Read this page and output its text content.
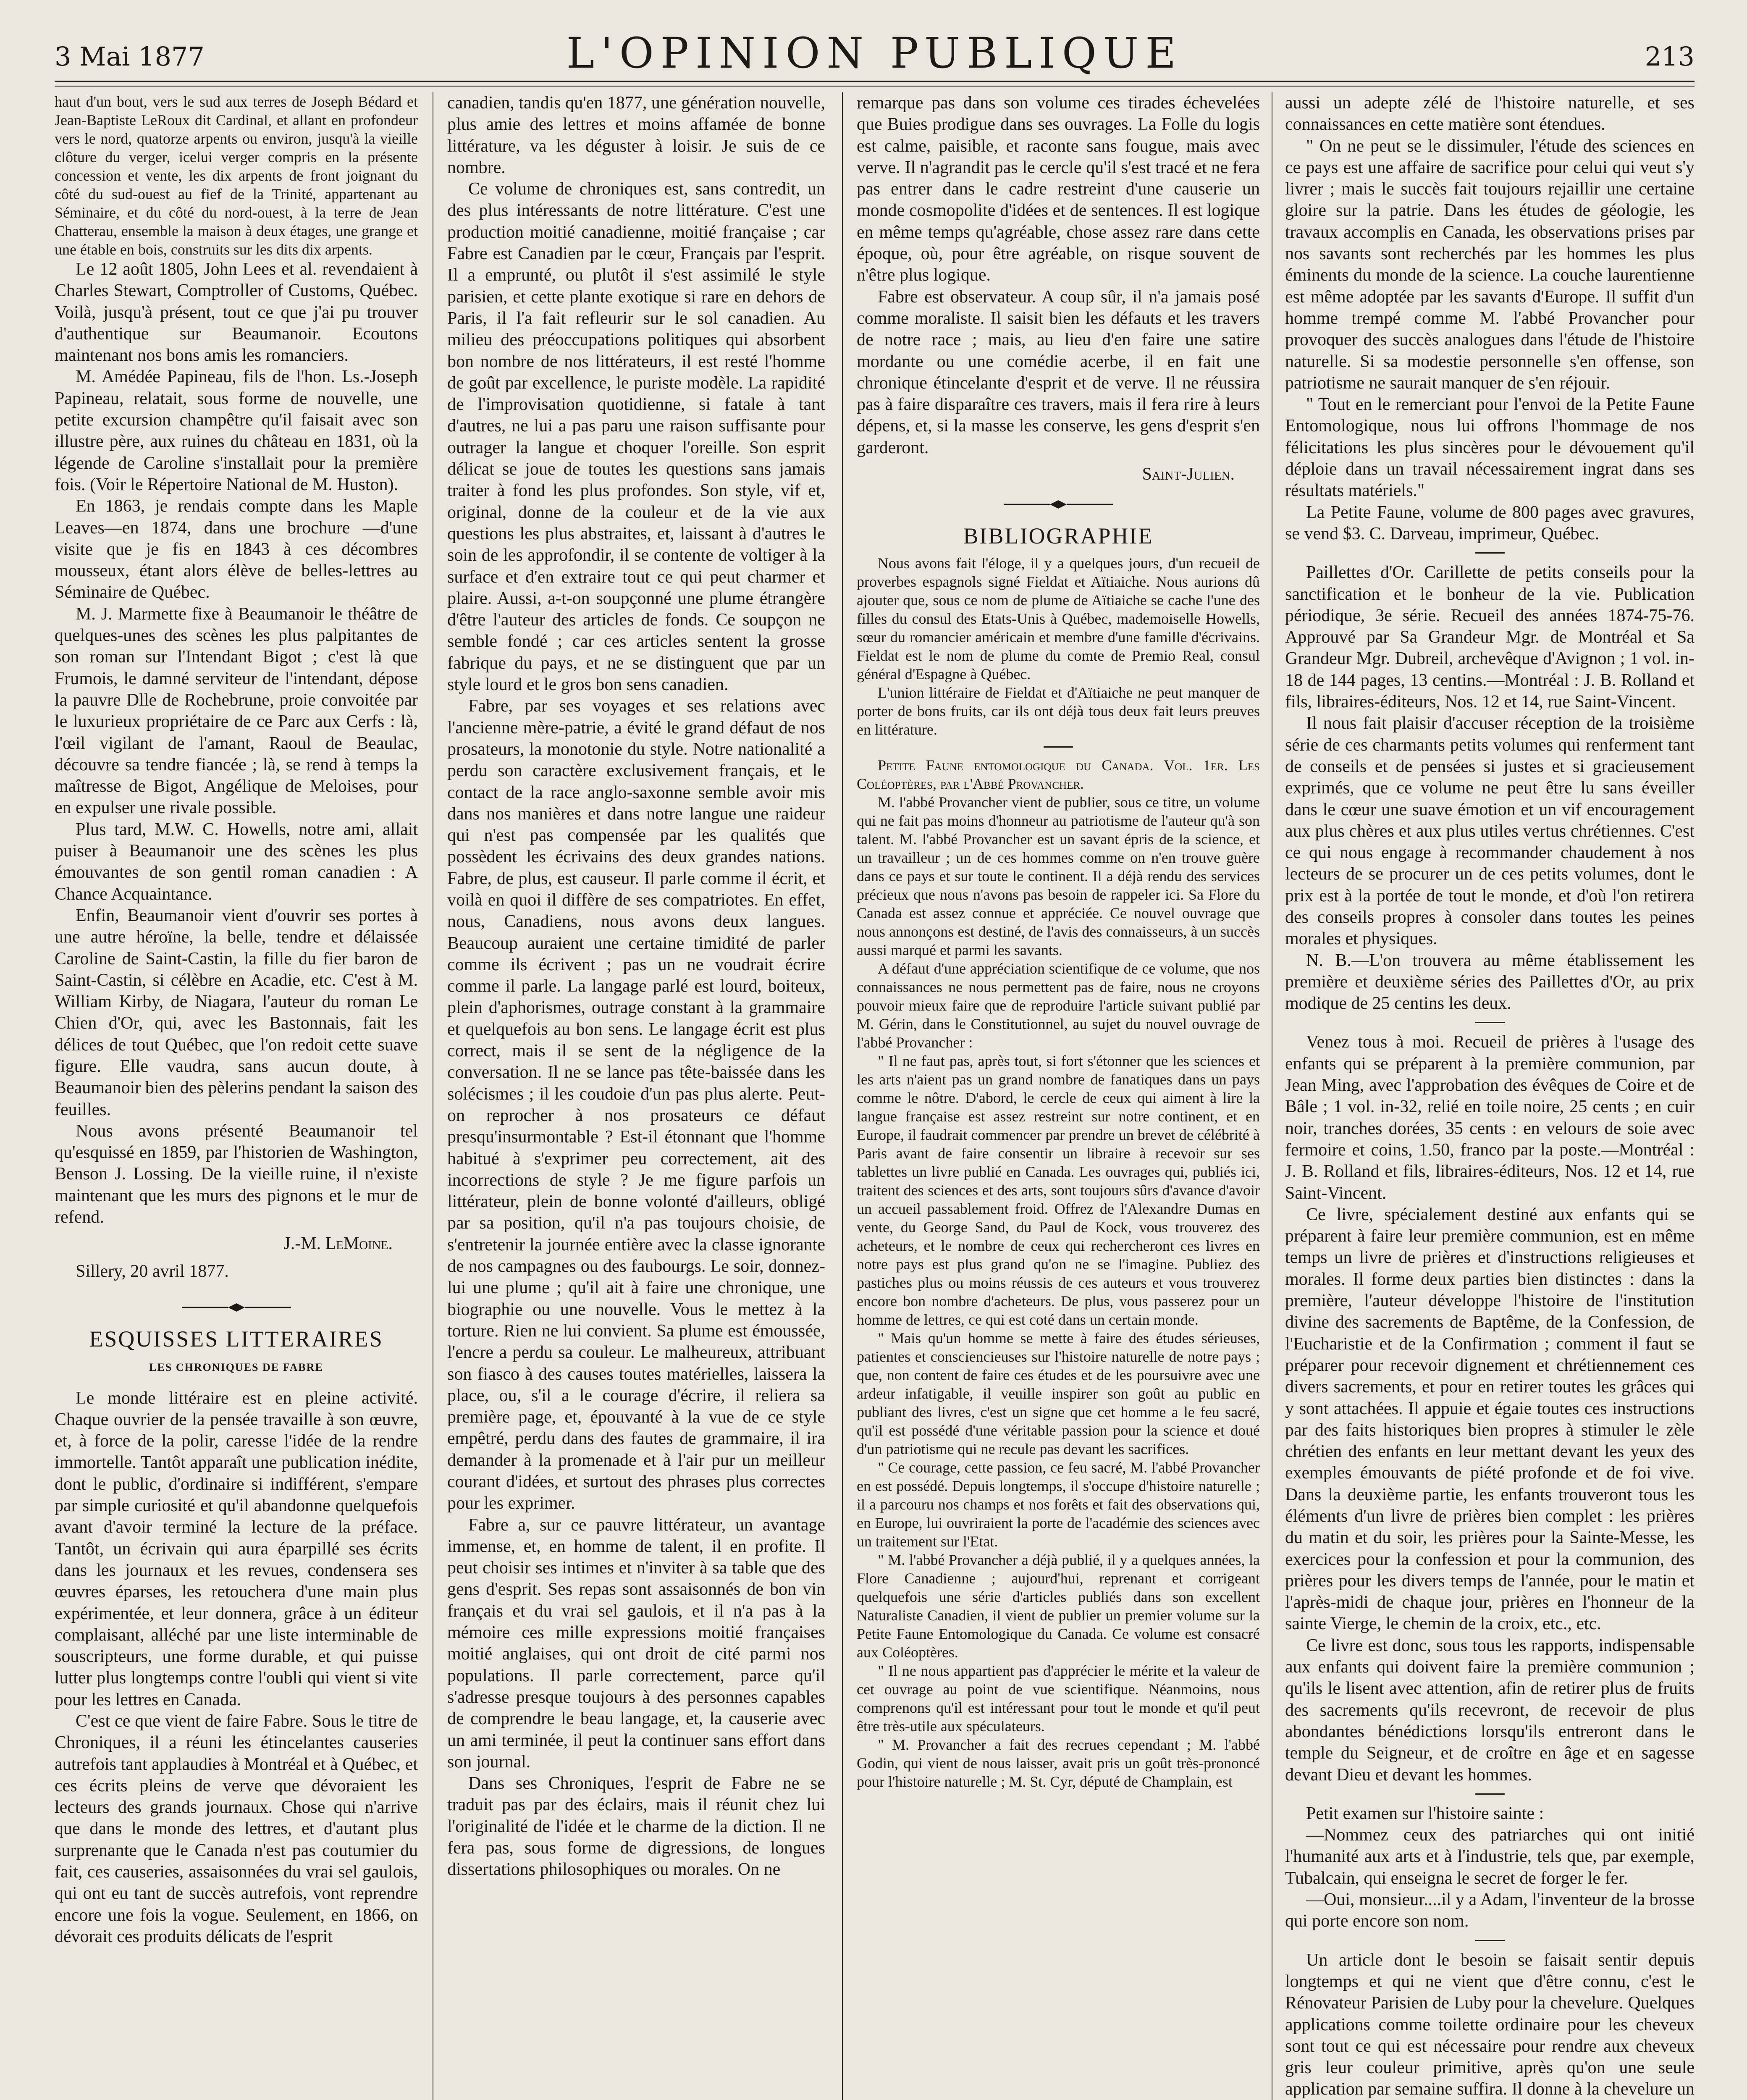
3 Mai 1877	L'OPINION PUBLIQUE	213

haut d'un bout, vers le sud aux terres de Joseph Bédard et Jean-Baptiste LeRoux dit Cardinal, et allant en profondeur vers le nord, quatorze arpents ou environ, jusqu'à la vieille clôture du verger, icelui verger compris en la présente concession et vente, les dix arpents de front joignant du côté du sud-ouest au fief de la Trinité, appartenant au Séminaire, et du côté du nord-ouest, à la terre de Jean Chatterau, ensemble la maison à deux étages, une grange et une étable en bois, construits sur les dits dix arpents.

Le 12 août 1805, John Lees et al. revendaient à Charles Stewart, Comptroller of Customs, Québec. Voilà, jusqu'à présent, tout ce que j'ai pu trouver d'authentique sur Beaumanoir. Ecoutons maintenant nos bons amis les romanciers.

M. Amédée Papineau, fils de l'hon. Ls.-Joseph Papineau, relatait, sous forme de nouvelle, une petite excursion champêtre qu'il faisait avec son illustre père, aux ruines du château en 1831, où la légende de Caroline s'installait pour la première fois. (Voir le Répertoire National de M. Huston).

En 1863, je rendais compte dans les Maple Leaves—en 1874, dans une brochure —d'une visite que je fis en 1843 à ces décombres mousseux, étant alors élève de belles-lettres au Séminaire de Québec.

M. J. Marmette fixe à Beaumanoir le théâtre de quelques-unes des scènes les plus palpitantes de son roman sur l'Intendant Bigot ; c'est là que Frumois, le damné serviteur de l'intendant, dépose la pauvre Dlle de Rochebrune, proie convoitée par le luxurieux propriétaire de ce Parc aux Cerfs : là, l'œil vigilant de l'amant, Raoul de Beaulac, découvre sa tendre fiancée ; là, se rend à temps la maîtresse de Bigot, Angélique de Meloises, pour en expulser une rivale possible.

Plus tard, M.W. C. Howells, notre ami, allait puiser à Beaumanoir une des scènes les plus émouvantes de son gentil roman canadien : A Chance Acquaintance.

Enfin, Beaumanoir vient d'ouvrir ses portes à une autre héroïne, la belle, tendre et délaissée Caroline de Saint-Castin, la fille du fier baron de Saint-Castin, si célèbre en Acadie, etc. C'est à M. William Kirby, de Niagara, l'auteur du roman Le Chien d'Or, qui, avec les Bastonnais, fait les délices de tout Québec, que l'on redoit cette suave figure. Elle vaudra, sans aucun doute, à Beaumanoir bien des pèlerins pendant la saison des feuilles.

Nous avons présenté Beaumanoir tel qu'esquissé en 1859, par l'historien de Washington, Benson J. Lossing. De la vieille ruine, il n'existe maintenant que les murs des pignons et le mur de refend.

J.-M. LeMoine.

Sillery, 20 avril 1877.

ESQUISSES LITTERAIRES
LES CHRONIQUES DE FABRE

Le monde littéraire est en pleine activité. Chaque ouvrier de la pensée travaille à son œuvre, et, à force de la polir, caresse l'idée de la rendre immortelle. Tantôt apparaît une publication inédite, dont le public, d'ordinaire si indifférent, s'empare par simple curiosité et qu'il abandonne quelquefois avant d'avoir terminé la lecture de la préface. Tantôt, un écrivain qui aura éparpillé ses écrits dans les journaux et les revues, condensera ses œuvres éparses, les retouchera d'une main plus expérimentée, et leur donnera, grâce à un éditeur complaisant, alléché par une liste interminable de souscripteurs, une forme durable, et qui puisse lutter plus longtemps contre l'oubli qui vient si vite pour les lettres en Canada.

C'est ce que vient de faire Fabre. Sous le titre de Chroniques, il a réuni les étincelantes causeries autrefois tant applaudies à Montréal et à Québec, et ces écrits pleins de verve que dévoraient les lecteurs des grands journaux. Chose qui n'arrive que dans le monde des lettres, et d'autant plus surprenante que le Canada n'est pas coutumier du fait, ces causeries, assaisonnées du vrai sel gaulois, qui ont eu tant de succès autrefois, vont reprendre encore une fois la vogue. Seulement, en 1866, on dévorait ces produits délicats de l'esprit

canadien, tandis qu'en 1877, une génération nouvelle, plus amie des lettres et moins affamée de bonne littérature, va les déguster à loisir. Je suis de ce nombre.

Ce volume de chroniques est, sans contredit, un des plus intéressants de notre littérature. C'est une production moitié canadienne, moitié française ; car Fabre est Canadien par le cœur, Français par l'esprit. Il a emprunté, ou plutôt il s'est assimilé le style parisien, et cette plante exotique si rare en dehors de Paris, il l'a fait refleurir sur le sol canadien. Au milieu des préoccupations politiques qui absorbent bon nombre de nos littérateurs, il est resté l'homme de goût par excellence, le puriste modèle. La rapidité de l'improvisation quotidienne, si fatale à tant d'autres, ne lui a pas paru une raison suffisante pour outrager la langue et choquer l'oreille. Son esprit délicat se joue de toutes les questions sans jamais traiter à fond les plus profondes. Son style, vif et, original, donne de la couleur et de la vie aux questions les plus abstraites, et, laissant à d'autres le soin de les approfondir, il se contente de voltiger à la surface et d'en extraire tout ce qui peut charmer et plaire. Aussi, a-t-on soupçonné une plume étrangère d'être l'auteur des articles de fonds. Ce soupçon ne semble fondé ; car ces articles sentent la grosse fabrique du pays, et ne se distinguent que par un style lourd et le gros bon sens canadien.

Fabre, par ses voyages et ses relations avec l'ancienne mère-patrie, a évité le grand défaut de nos prosateurs, la monotonie du style. Notre nationalité a perdu son caractère exclusivement français, et le contact de la race anglo-saxonne semble avoir mis dans nos manières et dans notre langue une raideur qui n'est pas compensée par les qualités que possèdent les écrivains des deux grandes nations. Fabre, de plus, est causeur. Il parle comme il écrit, et voilà en quoi il diffère de ses compatriotes. En effet, nous, Canadiens, nous avons deux langues. Beaucoup auraient une certaine timidité de parler comme ils écrivent ; pas un ne voudrait écrire comme il parle. La langage parlé est lourd, boiteux, plein d'aphorismes, outrage constant à la grammaire et quelquefois au bon sens. Le langage écrit est plus correct, mais il se sent de la négligence de la conversation. Il ne se lance pas tête-baissée dans les solécismes ; il les coudoie d'un pas plus alerte. Peut-on reprocher à nos prosateurs ce défaut presqu'insurmontable ? Est-il étonnant que l'homme habitué à s'exprimer peu correctement, ait des incorrections de style ? Je me figure parfois un littérateur, plein de bonne volonté d'ailleurs, obligé par sa position, qu'il n'a pas toujours choisie, de s'entretenir la journée entière avec la classe ignorante de nos campagnes ou des faubourgs. Le soir, donnez-lui une plume ; qu'il ait à faire une chronique, une biographie ou une nouvelle. Vous le mettez à la torture. Rien ne lui convient. Sa plume est émoussée, l'encre a perdu sa couleur. Le malheureux, attribuant son fiasco à des causes toutes matérielles, laissera la place, ou, s'il a le courage d'écrire, il reliera sa première page, et, épouvanté à la vue de ce style empêtré, perdu dans des fautes de grammaire, il ira demander à la promenade et à l'air pur un meilleur courant d'idées, et surtout des phrases plus correctes pour les exprimer.

Fabre a, sur ce pauvre littérateur, un avantage immense, et, en homme de talent, il en profite. Il peut choisir ses intimes et n'inviter à sa table que des gens d'esprit. Ses repas sont assaisonnés de bon vin français et du vrai sel gaulois, et il n'a pas à la mémoire ces mille expressions moitié françaises moitié anglaises, qui ont droit de cité parmi nos populations. Il parle correctement, parce qu'il s'adresse presque toujours à des personnes capables de comprendre le beau langage, et, la causerie avec un ami terminée, il peut la continuer sans effort dans son journal.

Dans ses Chroniques, l'esprit de Fabre ne se traduit pas par des éclairs, mais il réunit chez lui l'originalité de l'idée et le charme de la diction. Il ne fera pas, sous forme de digressions, de longues dissertations philosophiques ou morales. On ne

remarque pas dans son volume ces tirades échevelées que Buies prodigue dans ses ouvrages. La Folle du logis est calme, paisible, et raconte sans fougue, mais avec verve. Il n'agrandit pas le cercle qu'il s'est tracé et ne fera pas entrer dans le cadre restreint d'une causerie un monde cosmopolite d'idées et de sentences. Il est logique en même temps qu'agréable, chose assez rare dans cette époque, où, pour être agréable, on risque souvent de n'être plus logique.

Fabre est observateur. A coup sûr, il n'a jamais posé comme moraliste. Il saisit bien les défauts et les travers de notre race ; mais, au lieu d'en faire une satire mordante ou une comédie acerbe, il en fait une chronique étincelante d'esprit et de verve. Il ne réussira pas à faire disparaître ces travers, mais il fera rire à leurs dépens, et, si la masse les conserve, les gens d'esprit s'en garderont.

Saint-Julien.

BIBLIOGRAPHIE

Nous avons fait l'éloge, il y a quelques jours, d'un recueil de proverbes espagnols signé Fieldat et Aïtiaiche. Nous aurions dû ajouter que, sous ce nom de plume de Aïtiaiche se cache l'une des filles du consul des Etats-Unis à Québec, mademoiselle Howells, sœur du romancier américain et membre d'une famille d'écrivains. Fieldat est le nom de plume du comte de Premio Real, consul général d'Espagne à Québec.

L'union littéraire de Fieldat et d'Aïtiaiche ne peut manquer de porter de bons fruits, car ils ont déjà tous deux fait leurs preuves en littérature.

Petite Faune entomologique du Canada. Vol. 1er. Les Coléoptères, par l'Abbé Provancher.

M. l'abbé Provancher vient de publier, sous ce titre, un volume qui ne fait pas moins d'honneur au patriotisme de l'auteur qu'à son talent. M. l'abbé Provancher est un savant épris de la science, et un travailleur ; un de ces hommes comme on n'en trouve guère dans ce pays et sur toute le continent. Il a déjà rendu des services précieux que nous n'avons pas besoin de rappeler ici. Sa Flore du Canada est assez connue et appréciée. Ce nouvel ouvrage que nous annonçons est destiné, de l'avis des connaisseurs, à un succès aussi marqué et parmi les savants.

A défaut d'une appréciation scientifique de ce volume, que nos connaissances ne nous permettent pas de faire, nous ne croyons pouvoir mieux faire que de reproduire l'article suivant publié par M. Gérin, dans le Constitutionnel, au sujet du nouvel ouvrage de l'abbé Provancher :

" Il ne faut pas, après tout, si fort s'étonner que les sciences et les arts n'aient pas un grand nombre de fanatiques dans un pays comme le nôtre. D'abord, le cercle de ceux qui aiment à lire la langue française est assez restreint sur notre continent, et en Europe, il faudrait commencer par prendre un brevet de célébrité à Paris avant de faire consentir un libraire à recevoir sur ses tablettes un livre publié en Canada. Les ouvrages qui, publiés ici, traitent des sciences et des arts, sont toujours sûrs d'avance d'avoir un accueil passablement froid. Offrez de l'Alexandre Dumas en vente, du George Sand, du Paul de Kock, vous trouverez des acheteurs, et le nombre de ceux qui rechercheront ces livres en notre pays est plus grand qu'on ne se l'imagine. Publiez des pastiches plus ou moins réussis de ces auteurs et vous trouverez encore bon nombre d'acheteurs. De plus, vous passerez pour un homme de lettres, ce qui est coté dans un certain monde.

" Mais qu'un homme se mette à faire des études sérieuses, patientes et consciencieuses sur l'histoire naturelle de notre pays ; que, non content de faire ces études et de les poursuivre avec une ardeur infatigable, il veuille inspirer son goût au public en publiant des livres, c'est un signe que cet homme a le feu sacré, qu'il est possédé d'une véritable passion pour la science et doué d'un patriotisme qui ne recule pas devant les sacrifices.

" Ce courage, cette passion, ce feu sacré, M. l'abbé Provancher en est possédé. Depuis longtemps, il s'occupe d'histoire naturelle ; il a parcouru nos champs et nos forêts et fait des observations qui, en Europe, lui ouvriraient la porte de l'académie des sciences avec un traitement sur l'Etat.

" M. l'abbé Provancher a déjà publié, il y a quelques années, la Flore Canadienne ; aujourd'hui, reprenant et corrigeant quelquefois une série d'articles publiés dans son excellent Naturaliste Canadien, il vient de publier un premier volume sur la Petite Faune Entomologique du Canada. Ce volume est consacré aux Coléoptères.

" Il ne nous appartient pas d'apprécier le mérite et la valeur de cet ouvrage au point de vue scientifique. Néanmoins, nous comprenons qu'il est intéressant pour tout le monde et qu'il peut être très-utile aux spéculateurs.

" M. Provancher a fait des recrues cependant ; M. l'abbé Godin, qui vient de nous laisser, avait pris un goût très-prononcé pour l'histoire naturelle ; M. St. Cyr, député de Champlain, est

aussi un adepte zélé de l'histoire naturelle, et ses connaissances en cette matière sont étendues.

" On ne peut se le dissimuler, l'étude des sciences en ce pays est une affaire de sacrifice pour celui qui veut s'y livrer ; mais le succès fait toujours rejaillir une certaine gloire sur la patrie. Dans les études de géologie, les travaux accomplis en Canada, les observations prises par nos savants sont recherchés par les hommes les plus éminents du monde de la science. La couche laurentienne est même adoptée par les savants d'Europe. Il suffit d'un homme trempé comme M. l'abbé Provancher pour provoquer des succès analogues dans l'étude de l'histoire naturelle. Si sa modestie personnelle s'en offense, son patriotisme ne saurait manquer de s'en réjouir.

" Tout en le remerciant pour l'envoi de la Petite Faune Entomologique, nous lui offrons l'hommage de nos félicitations les plus sincères pour le dévouement qu'il déploie dans un travail nécessairement ingrat dans ses résultats matériels."

La Petite Faune, volume de 800 pages avec gravures, se vend $3. C. Darveau, imprimeur, Québec.

Paillettes d'Or. Carillette de petits conseils pour la sanctification et le bonheur de la vie. Publication périodique, 3e série. Recueil des années 1874-75-76. Approuvé par Sa Grandeur Mgr. de Montréal et Sa Grandeur Mgr. Dubreil, archevêque d'Avignon ; 1 vol. in-18 de 144 pages, 13 centins.—Montréal : J. B. Rolland et fils, libraires-éditeurs, Nos. 12 et 14, rue Saint-Vincent.

Il nous fait plaisir d'accuser réception de la troisième série de ces charmants petits volumes qui renferment tant de conseils et de pensées si justes et si gracieusement exprimés, que ce volume ne peut être lu sans éveiller dans le cœur une suave émotion et un vif encouragement aux plus chères et aux plus utiles vertus chrétiennes. C'est ce qui nous engage à recommander chaudement à nos lecteurs de se procurer un de ces petits volumes, dont le prix est à la portée de tout le monde, et d'où l'on retirera des conseils propres à consoler dans toutes les peines morales et physiques.

N. B.—L'on trouvera au même établissement les première et deuxième séries des Paillettes d'Or, au prix modique de 25 centins les deux.

Venez tous à moi. Recueil de prières à l'usage des enfants qui se préparent à la première communion, par Jean Ming, avec l'approbation des évêques de Coire et de Bâle ; 1 vol. in-32, relié en toile noire, 25 cents ; en cuir noir, tranches dorées, 35 cents : en velours de soie avec fermoire et coins, 1.50, franco par la poste.—Montréal : J. B. Rolland et fils, libraires-éditeurs, Nos. 12 et 14, rue Saint-Vincent.

Ce livre, spécialement destiné aux enfants qui se préparent à faire leur première communion, est en même temps un livre de prières et d'instructions religieuses et morales. Il forme deux parties bien distinctes : dans la première, l'auteur développe l'histoire de l'institution divine des sacrements de Baptême, de la Confession, de l'Eucharistie et de la Confirmation ; comment il faut se préparer pour recevoir dignement et chrétiennement ces divers sacrements, et pour en retirer toutes les grâces qui y sont attachées. Il appuie et égaie toutes ces instructions par des faits historiques bien propres à stimuler le zèle chrétien des enfants en leur mettant devant les yeux des exemples émouvants de piété profonde et de foi vive. Dans la deuxième partie, les enfants trouveront tous les éléments d'un livre de prières bien complet : les prières du matin et du soir, les prières pour la Sainte-Messe, les exercices pour la confession et pour la communion, des prières pour les divers temps de l'année, pour le matin et l'après-midi de chaque jour, prières en l'honneur de la sainte Vierge, le chemin de la croix, etc., etc.

Ce livre est donc, sous tous les rapports, indispensable aux enfants qui doivent faire la première communion ; qu'ils le lisent avec attention, afin de retirer plus de fruits des sacrements qu'ils recevront, de recevoir de plus abondantes bénédictions lorsqu'ils entreront dans le temple du Seigneur, et de croître en âge et en sagesse devant Dieu et devant les hommes.

Petit examen sur l'histoire sainte :

—Nommez ceux des patriarches qui ont initié l'humanité aux arts et à l'industrie, tels que, par exemple, Tubalcain, qui enseigna le secret de forger le fer.

—Oui, monsieur....il y a Adam, l'inventeur de la brosse qui porte encore son nom.

Un article dont le besoin se faisait sentir depuis longtemps et qui ne vient que d'être connu, c'est le Rénovateur Parisien de Luby pour la chevelure. Quelques applications comme toilette ordinaire pour les cheveux sont tout ce qui est nécessaire pour rendre aux cheveux gris leur couleur primitive, après qu'on une seule application par semaine suffira. Il donne à la chevelure un
